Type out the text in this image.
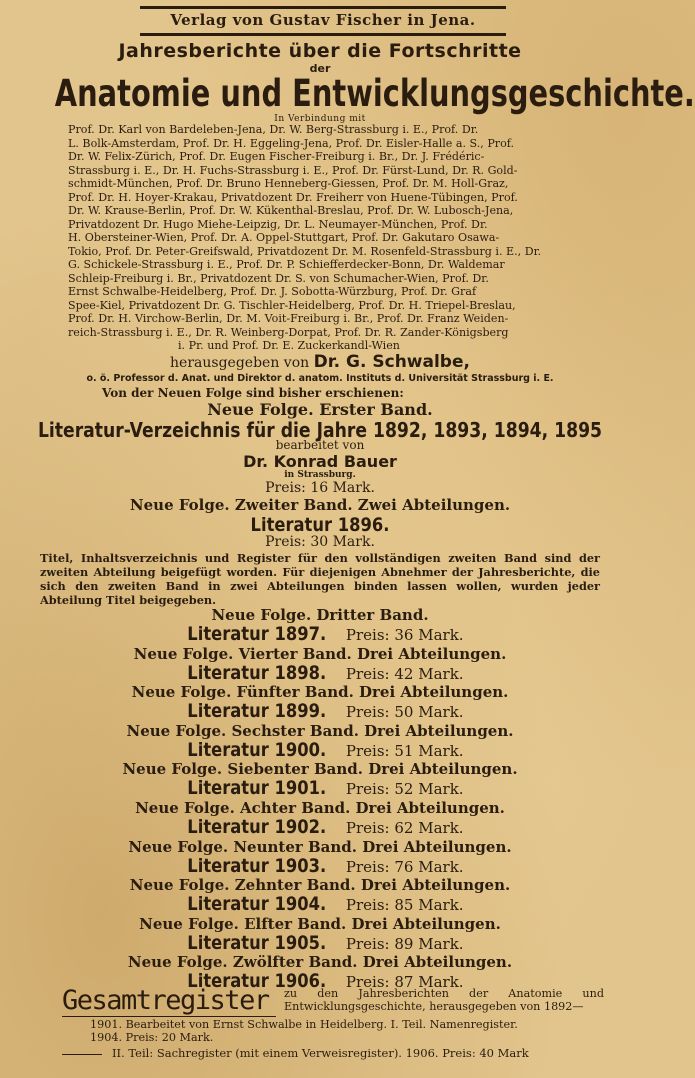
Verlag von Gustav Fischer in Jena.
Jahresberichte über die Fortschritte
der
Anatomie und Entwicklungsgeschichte.
In Verbindung mit
Prof. Dr. Karl von Bardeleben-Jena, Dr. W. Berg-Strassburg i. E., Prof. Dr.
L. Bolk-Amsterdam, Prof. Dr. H. Eggeling-Jena, Prof. Dr. Eisler-Halle a. S., Prof.
Dr. W. Felix-Zürich, Prof. Dr. Eugen Fischer-Freiburg i. Br., Dr. J. Frédéric-
Strassburg i. E., Dr. H. Fuchs-Strassburg i. E., Prof. Dr. Fürst-Lund, Dr. R. Gold-
schmidt-München, Prof. Dr. Bruno Henneberg-Giessen, Prof. Dr. M. Holl-Graz,
Prof. Dr. H. Hoyer-Krakau, Privatdozent Dr. Freiherr von Huene-Tübingen, Prof.
Dr. W. Krause-Berlin, Prof. Dr. W. Kükenthal-Breslau, Prof. Dr. W. Lubosch-Jena,
Privatdozent Dr. Hugo Miehe-Leipzig, Dr. L. Neumayer-München, Prof. Dr.
H. Obersteiner-Wien, Prof. Dr. A. Oppel-Stuttgart, Prof. Dr. Gakutaro Osawa-
Tokio, Prof. Dr. Peter-Greifswald, Privatdozent Dr. M. Rosenfeld-Strassburg i. E., Dr.
G. Schickele-Strassburg i. E., Prof. Dr. P. Schiefferdecker-Bonn, Dr. Waldemar
Schleip-Freiburg i. Br., Privatdozent Dr. S. von Schumacher-Wien, Prof. Dr.
Ernst Schwalbe-Heidelberg, Prof. Dr. J. Sobotta-Würzburg, Prof. Dr. Graf
Spee-Kiel, Privatdozent Dr. G. Tischler-Heidelberg, Prof. Dr. H. Triepel-Breslau,
Prof. Dr. H. Virchow-Berlin, Dr. M. Voit-Freiburg i. Br., Prof. Dr. Franz Weiden-
reich-Strassburg i. E., Dr. R. Weinberg-Dorpat, Prof. Dr. R. Zander-Königsberg
i. Pr. und Prof. Dr. E. Zuckerkandl-Wien
herausgegeben von Dr. G. Schwalbe,
o. ö. Professor d. Anat. und Direktor d. anatom. Instituts d. Universität Strassburg i. E.
Von der Neuen Folge sind bisher erschienen:
Neue Folge. Erster Band.
Literatur-Verzeichnis für die Jahre 1892, 1893, 1894, 1895
bearbeitet von
Dr. Konrad Bauer
in Strassburg.
Preis: 16 Mark.
Neue Folge. Zweiter Band. Zwei Abteilungen.
Literatur 1896.
Preis: 30 Mark.
Titel, Inhaltsverzeichnis und Register für den vollständigen zweiten Band sind der zweiten Abteilung beigefügt worden. Für diejenigen Abnehmer der Jahresberichte, die sich den zweiten Band in zwei Abteilungen binden lassen wollen, wurden jeder Abteilung Titel beigegeben.
Neue Folge. Dritter Band.
Literatur 1897. Preis: 36 Mark.
Neue Folge. Vierter Band. Drei Abteilungen.
Literatur 1898. Preis: 42 Mark.
Neue Folge. Fünfter Band. Drei Abteilungen.
Literatur 1899. Preis: 50 Mark.
Neue Folge. Sechster Band. Drei Abteilungen.
Literatur 1900. Preis: 51 Mark.
Neue Folge. Siebenter Band. Drei Abteilungen.
Literatur 1901. Preis: 52 Mark.
Neue Folge. Achter Band. Drei Abteilungen.
Literatur 1902. Preis: 62 Mark.
Neue Folge. Neunter Band. Drei Abteilungen.
Literatur 1903. Preis: 76 Mark.
Neue Folge. Zehnter Band. Drei Abteilungen.
Literatur 1904. Preis: 85 Mark.
Neue Folge. Elfter Band. Drei Abteilungen.
Literatur 1905. Preis: 89 Mark.
Neue Folge. Zwölfter Band. Drei Abteilungen.
Literatur 1906. Preis: 87 Mark.
Gesamtregister zu den Jahresberichten der Anatomie und Entwicklungsgeschichte, herausgegeben von 1892—
1901. Bearbeitet von Ernst Schwalbe in Heidelberg. I. Teil. Namenregister.
1904. Preis: 20 Mark.
II. Teil: Sachregister (mit einem Verweisregister). 1906. Preis: 40 Mark
